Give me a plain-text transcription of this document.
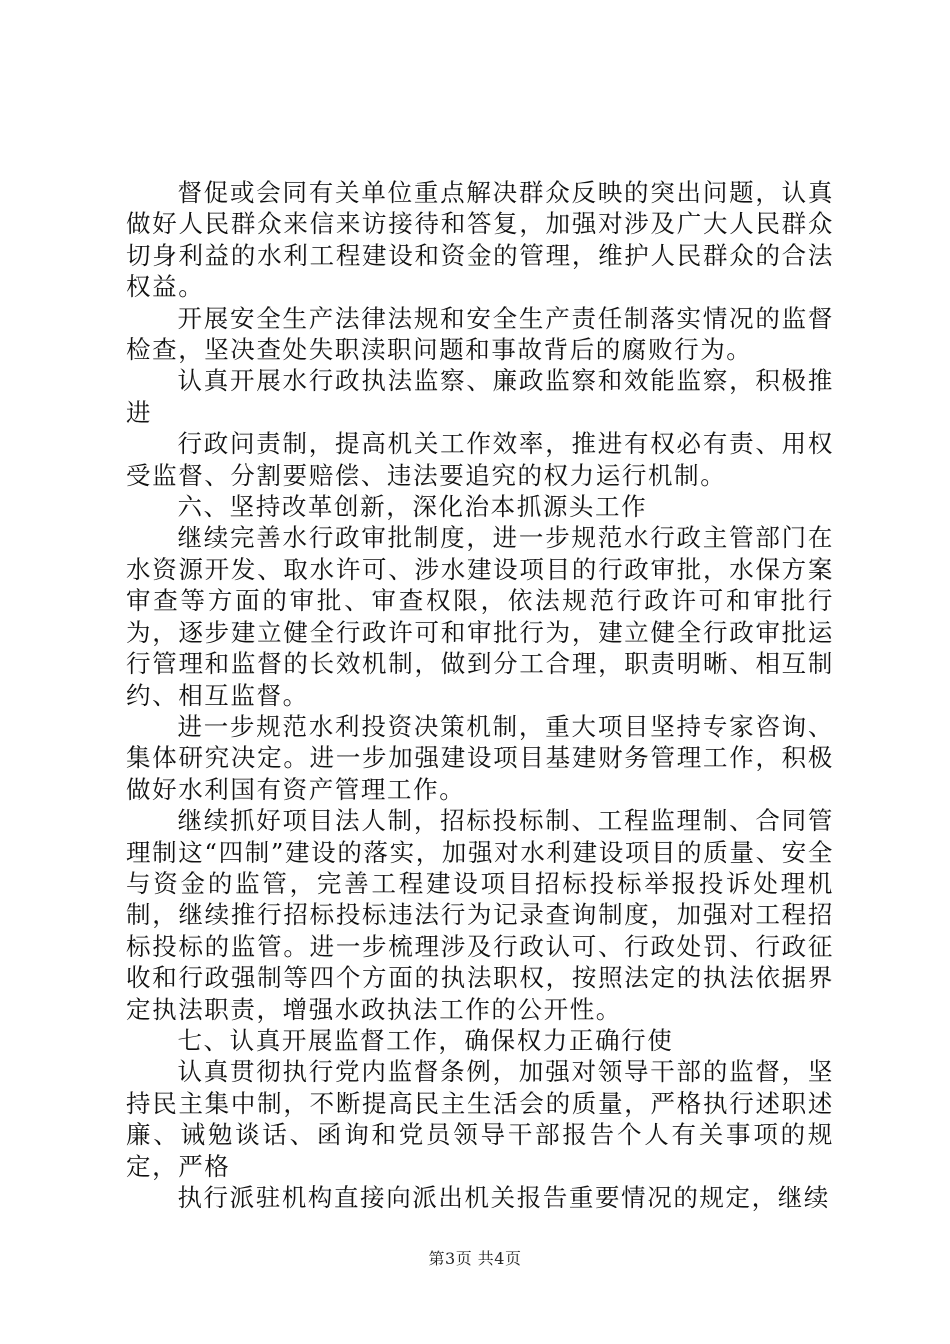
督促或会同有关单位重点解决群众反映的突出问题，认真做好人民群众来信来访接待和答复，加强对涉及广大人民群众切身利益的水利工程建设和资金的管理，维护人民群众的合法权益。

开展安全生产法律法规和安全生产责任制落实情况的监督检查，坚决查处失职渎职问题和事故背后的腐败行为。

认真开展水行政执法监察、廉政监察和效能监察，积极推进

行政问责制，提高机关工作效率，推进有权必有责、用权受监督、分割要赔偿、违法要追究的权力运行机制。

六、坚持改革创新，深化治本抓源头工作

继续完善水行政审批制度，进一步规范水行政主管部门在水资源开发、取水许可、涉水建设项目的行政审批，水保方案审查等方面的审批、审查权限，依法规范行政许可和审批行为，逐步建立健全行政许可和审批行为，建立健全行政审批运行管理和监督的长效机制，做到分工合理，职责明晰、相互制约、相互监督。

进一步规范水利投资决策机制，重大项目坚持专家咨询、集体研究决定。进一步加强建设项目基建财务管理工作，积极做好水利国有资产管理工作。

继续抓好项目法人制，招标投标制、工程监理制、合同管理制这“四制”建设的落实，加强对水利建设项目的质量、安全与资金的监管，完善工程建设项目招标投标举报投诉处理机制，继续推行招标投标违法行为记录查询制度，加强对工程招标投标的监管。进一步梳理涉及行政认可、行政处罚、行政征收和行政强制等四个方面的执法职权，按照法定的执法依据界定执法职责，增强水政执法工作的公开性。

七、认真开展监督工作，确保权力正确行使

认真贯彻执行党内监督条例，加强对领导干部的监督，坚持民主集中制，不断提高民主生活会的质量，严格执行述职述廉、诫勉谈话、函询和党员领导干部报告个人有关事项的规定，严格

执行派驻机构直接向派出机关报告重要情况的规定，继续

第3页 共4页
